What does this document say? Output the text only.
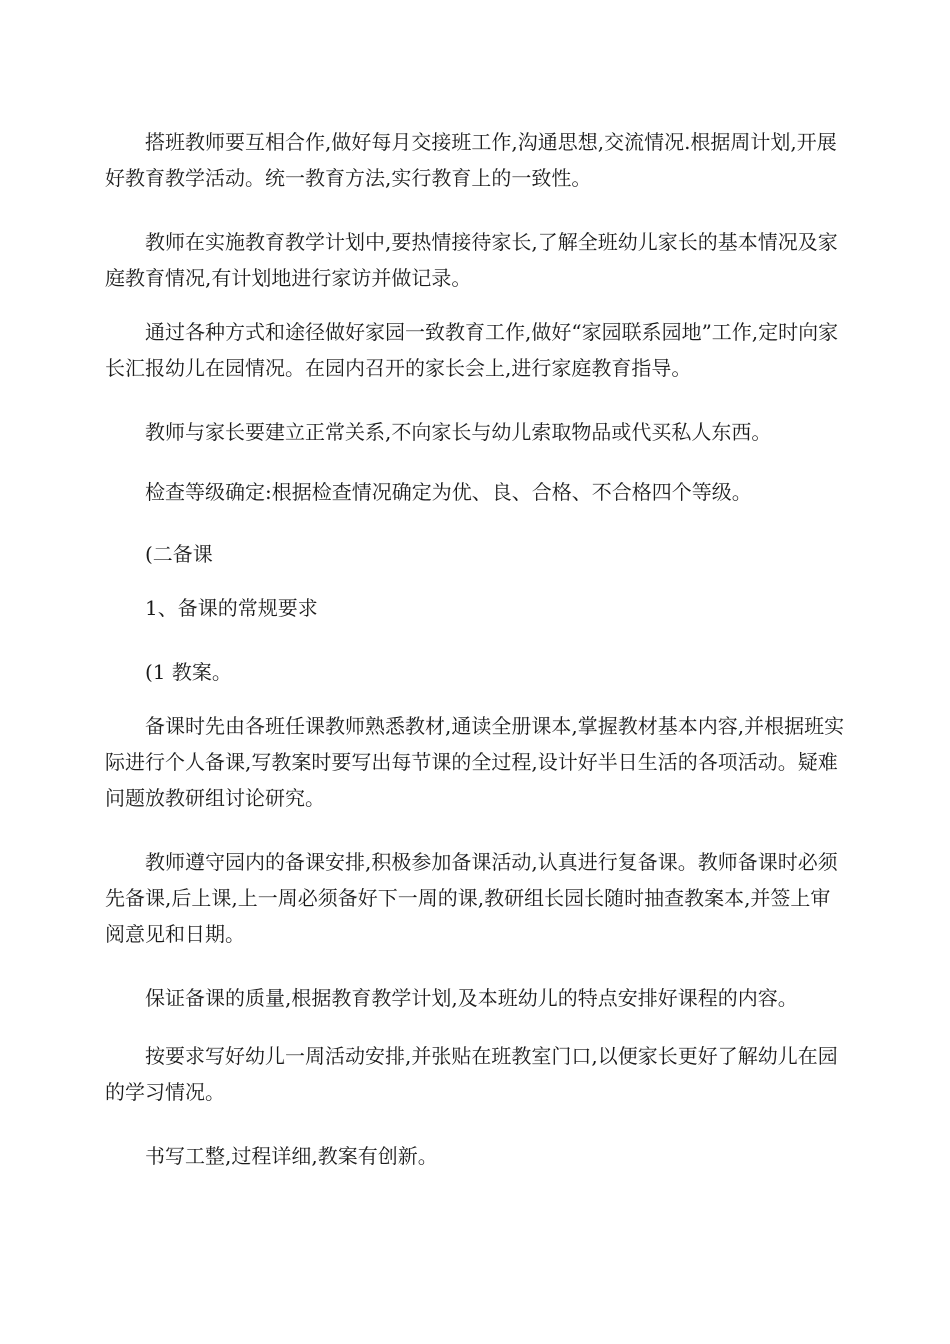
搭班教师要互相合作,做好每月交接班工作,沟通思想,交流情况.根据周计划,开展好教育教学活动。统一教育方法,实行教育上的一致性。

教师在实施教育教学计划中,要热情接待家长,了解全班幼儿家长的基本情况及家庭教育情况,有计划地进行家访并做记录。

通过各种方式和途径做好家园一致教育工作,做好“家园联系园地”工作,定时向家长汇报幼儿在园情况。在园内召开的家长会上,进行家庭教育指导。

教师与家长要建立正常关系,不向家长与幼儿索取物品或代买私人东西。

检查等级确定:根据检查情况确定为优、良、合格、不合格四个等级。

(二备课

1、备课的常规要求

(1 教案。

备课时先由各班任课教师熟悉教材,通读全册课本,掌握教材基本内容,并根据班实际进行个人备课,写教案时要写出每节课的全过程,设计好半日生活的各项活动。疑难问题放教研组讨论研究。

教师遵守园内的备课安排,积极参加备课活动,认真进行复备课。教师备课时必须先备课,后上课,上一周必须备好下一周的课,教研组长园长随时抽查教案本,并签上审阅意见和日期。

保证备课的质量,根据教育教学计划,及本班幼儿的特点安排好课程的内容。

按要求写好幼儿一周活动安排,并张贴在班教室门口,以便家长更好了解幼儿在园的学习情况。

书写工整,过程详细,教案有创新。
